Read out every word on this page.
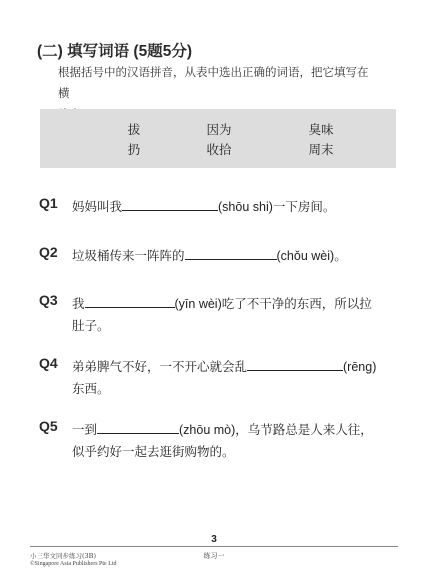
(二) 填写词语 (5题5分)
根据括号中的汉语拼音，从表中选出正确的词语，把它填写在横
拔	因为	臭味
扔	收拾	周末
Q1 妈妈叫我	(shōu shi)一下房间。
Q2 垃圾桶传来一阵阵的	(chǒu wèi)。
Q3 我	(yīn wèi)吃了不干净的东西，所以拉
肚子。
Q4 弟弟脾气不好，一不开心就会乱	(rēng)
东西。
Q5 一到	(zhōu mò)，乌节路总是人来人往，
似乎约好一起去逛街购物的。
3
小三华文同步练习(3B)
©Singapore Asia Publishers Pte Ltd
练习一
